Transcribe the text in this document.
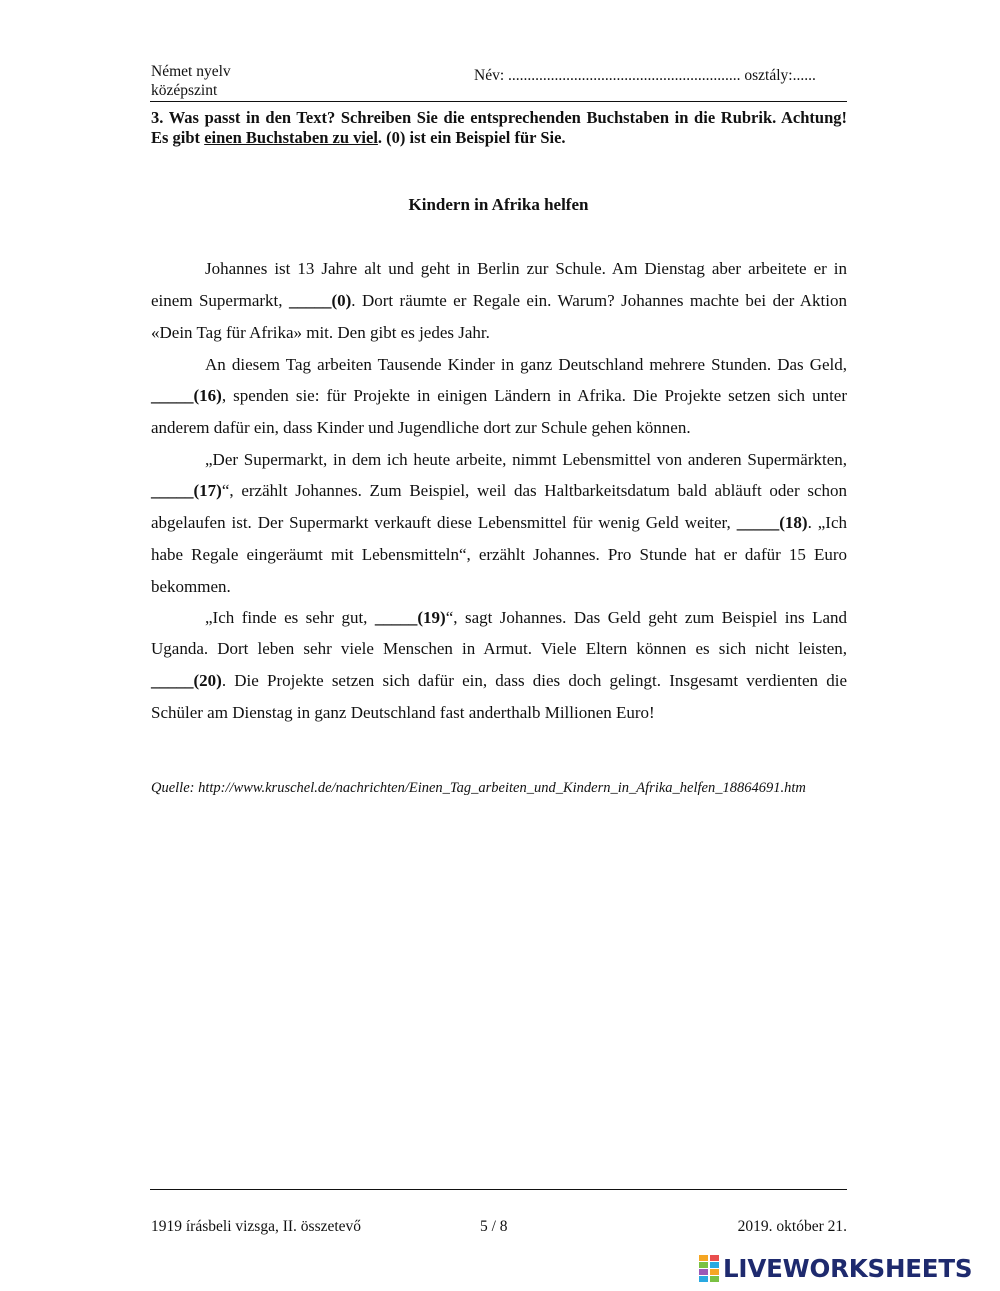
Német nyelv
középszint
Név: ............................................................ osztály:......
3. Was passt in den Text? Schreiben Sie die entsprechenden Buchstaben in die Rubrik. Achtung! Es gibt einen Buchstaben zu viel. (0) ist ein Beispiel für Sie.
Kindern in Afrika helfen

Johannes ist 13 Jahre alt und geht in Berlin zur Schule. Am Dienstag aber arbeitete er in einem Supermarkt, _____(0). Dort räumte er Regale ein. Warum? Johannes machte bei der Aktion «Dein Tag für Afrika» mit. Den gibt es jedes Jahr.

An diesem Tag arbeiten Tausende Kinder in ganz Deutschland mehrere Stunden. Das Geld, _____(16), spenden sie: für Projekte in einigen Ländern in Afrika. Die Projekte setzen sich unter anderem dafür ein, dass Kinder und Jugendliche dort zur Schule gehen können.

„Der Supermarkt, in dem ich heute arbeite, nimmt Lebensmittel von anderen Supermärkten, _____(17)“, erzählt Johannes. Zum Beispiel, weil das Haltbarkeitsdatum bald abläuft oder schon abgelaufen ist. Der Supermarkt verkauft diese Lebensmittel für wenig Geld weiter, _____(18). „Ich habe Regale eingeräumt mit Lebensmitteln“, erzählt Johannes. Pro Stunde hat er dafür 15 Euro bekommen.

„Ich finde es sehr gut, _____(19)“, sagt Johannes. Das Geld geht zum Beispiel ins Land Uganda. Dort leben sehr viele Menschen in Armut. Viele Eltern können es sich nicht leisten, _____(20). Die Projekte setzen sich dafür ein, dass dies doch gelingt. Insgesamt verdienten die Schüler am Dienstag in ganz Deutschland fast anderthalb Millionen Euro!

Quelle: http://www.kruschel.de/nachrichten/Einen_Tag_arbeiten_und_Kindern_in_Afrika_helfen_18864691.htm
1919 írásbeli vizsga, II. összetevő	5 / 8	2019. október 21.
LIVEWORKSHEETS
